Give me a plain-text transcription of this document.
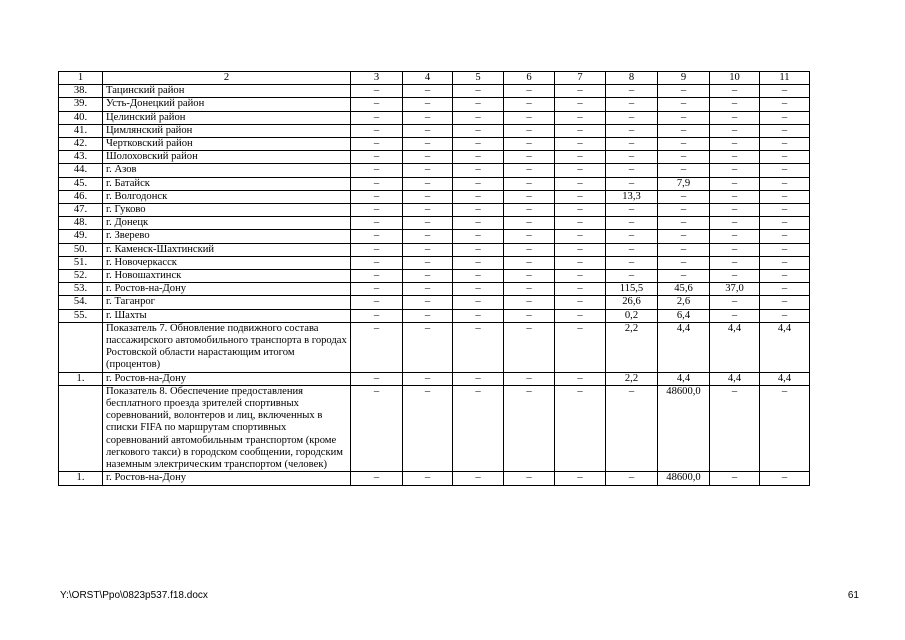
1	2	3	4	5	6	7	8	9	10	11
38.	Тацинский район	–	–	–	–	–	–	–	–	–
39.	Усть-Донецкий район	–	–	–	–	–	–	–	–	–
40.	Целинский район	–	–	–	–	–	–	–	–	–
41.	Цимлянский район	–	–	–	–	–	–	–	–	–
42.	Чертковский район	–	–	–	–	–	–	–	–	–
43.	Шолоховский район	–	–	–	–	–	–	–	–	–
44.	г. Азов	–	–	–	–	–	–	–	–	–
45.	г. Батайск	–	–	–	–	–	–	7,9	–	–
46.	г. Волгодонск	–	–	–	–	–	13,3	–	–	–
47.	г. Гуково	–	–	–	–	–	–	–	–	–
48.	г. Донецк	–	–	–	–	–	–	–	–	–
49.	г. Зверево	–	–	–	–	–	–	–	–	–
50.	г. Каменск-Шахтинский	–	–	–	–	–	–	–	–	–
51.	г. Новочеркасск	–	–	–	–	–	–	–	–	–
52.	г. Новошахтинск	–	–	–	–	–	–	–	–	–
53.	г. Ростов-на-Дону	–	–	–	–	–	115,5	45,6	37,0	–
54.	г. Таганрог	–	–	–	–	–	26,6	2,6	–	–
55.	г. Шахты	–	–	–	–	–	0,2	6,4	–	–
	Показатель 7. Обновление подвижного состава пассажирского автомобильного транспорта в городах Ростовской области нарастающим итогом (процентов)	–	–	–	–	–	2,2	4,4	4,4	4,4
1.	г. Ростов-на-Дону	–	–	–	–	–	2,2	4,4	4,4	4,4
	Показатель 8. Обеспечение предоставления бесплатного проезда зрителей спортивных соревнований, волонтеров и лиц, включенных в списки FIFA по маршрутам спортивных соревнований автомобильным транспортом (кроме легкового такси) в городском сообщении, городским наземным электрическим транспортом (человек)	–	–	–	–	–	–	48600,0	–	–
1.	г. Ростов-на-Дону	–	–	–	–	–	–	48600,0	–	–
Y:\ORST\Ppo\0823p537.f18.docx	61
